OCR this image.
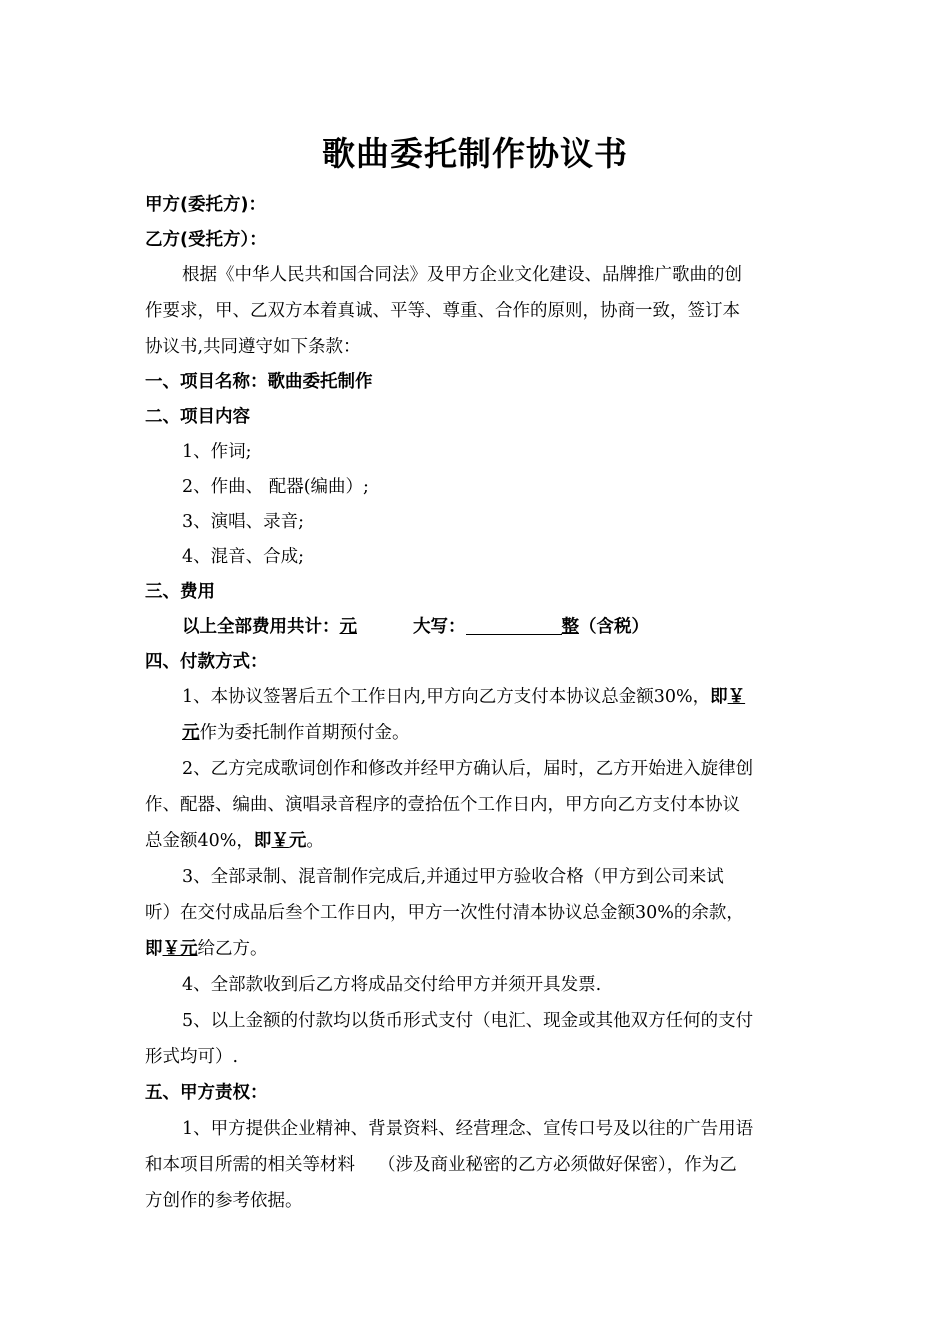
歌曲委托制作协议书
甲方(委托方)：
乙方(受托方）：
根据《中华人民共和国合同法》及甲方企业文化建设、品牌推广歌曲的创
作要求，甲、乙双方本着真诚、平等、尊重、合作的原则，协商一致，签订本
协议书,共同遵守如下条款：
一、项目名称：歌曲委托制作
二、项目内容
1、作词;
2、作曲、 配器(编曲）;
3、演唱、录音;
4、混音、合成;
三、费用
以上全部费用共计：元	大写：	整（含税）
四、付款方式：
1、本协议签署后五个工作日内,甲方向乙方支付本协议总金额30%，即￥
元作为委托制作首期预付金。
2、乙方完成歌词创作和修改并经甲方确认后，届时，乙方开始进入旋律创
作、配器、编曲、演唱录音程序的壹拾伍个工作日内，甲方向乙方支付本协议
总金额40%，即￥元。
3、全部录制、混音制作完成后,并通过甲方验收合格（甲方到公司来试
听）在交付成品后叁个工作日内，甲方一次性付清本协议总金额30%的余款，
即￥元给乙方。
4、全部款收到后乙方将成品交付给甲方并须开具发票.
5、以上金额的付款均以货币形式支付（电汇、现金或其他双方任何的支付
形式均可）.
五、甲方责权：
1、甲方提供企业精神、背景资料、经营理念、宣传口号及以往的广告用语
和本项目所需的相关等材料　 （涉及商业秘密的乙方必须做好保密），作为乙
方创作的参考依据。
